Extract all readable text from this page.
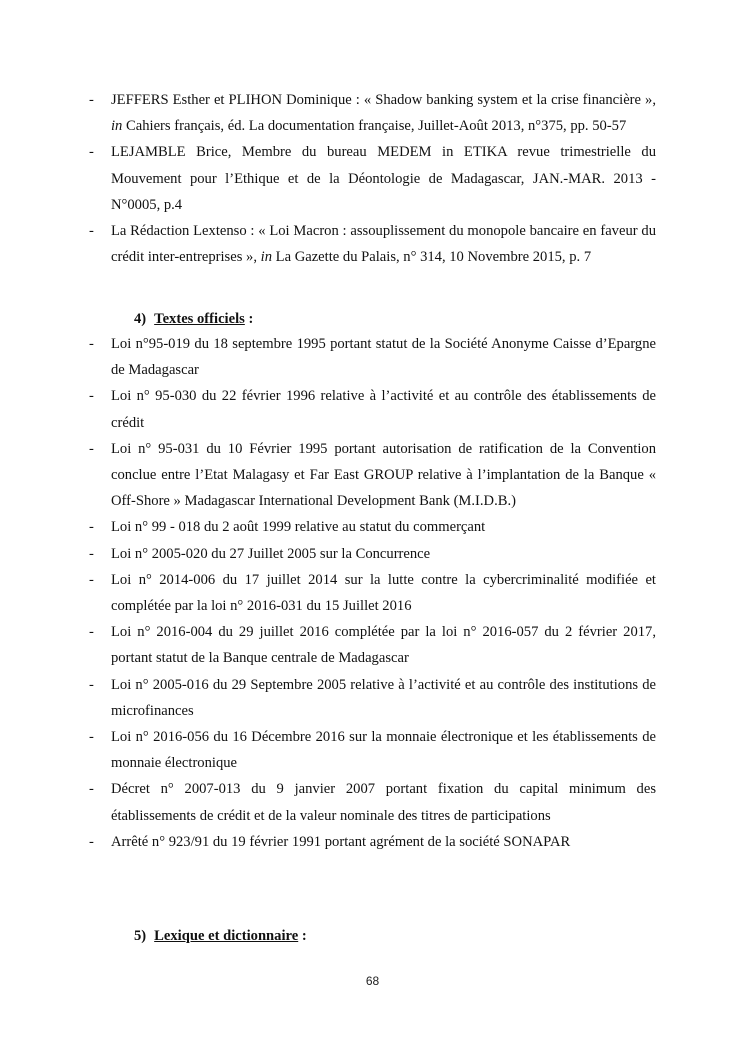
- JEFFERS Esther et PLIHON Dominique : « Shadow banking system et la crise financière », in Cahiers français, éd. La documentation française, Juillet-Août 2013, n°375, pp. 50-57
- LEJAMBLE Brice, Membre du bureau MEDEM in ETIKA revue trimestrielle du Mouvement pour l’Ethique et de la Déontologie de Madagascar, JAN.-MAR. 2013 - N°0005, p.4
- La Rédaction Lextenso : « Loi Macron : assouplissement du monopole bancaire en faveur du crédit inter-entreprises », in La Gazette du Palais, n° 314, 10 Novembre 2015, p. 7
4) Textes officiels :
- Loi n°95-019 du 18 septembre 1995 portant statut de la Société Anonyme Caisse d’Epargne de Madagascar
- Loi n° 95-030 du 22 février 1996 relative à l’activité et au contrôle des établissements de crédit
- Loi n° 95-031 du 10 Février 1995 portant autorisation de ratification de la Convention conclue entre l’Etat Malagasy et Far East GROUP relative à l’implantation de la Banque « Off-Shore » Madagascar International Development Bank (M.I.D.B.)
- Loi n° 99 - 018 du 2 août 1999 relative au statut du commerçant
- Loi n° 2005-020 du 27 Juillet 2005 sur la Concurrence
- Loi n° 2014-006 du 17 juillet 2014 sur la lutte contre la cybercriminalité modifiée et complétée par la loi n° 2016-031 du 15 Juillet 2016
- Loi n° 2016-004 du 29 juillet 2016 complétée par la loi n° 2016-057 du 2 février 2017, portant statut de la Banque centrale de Madagascar
- Loi n° 2005-016 du 29 Septembre 2005 relative à l’activité et au contrôle des institutions de microfinances
- Loi n° 2016-056 du 16 Décembre 2016 sur la monnaie électronique et les établissements de monnaie électronique
- Décret n° 2007-013 du 9 janvier 2007 portant fixation du capital minimum des établissements de crédit et de la valeur nominale des titres de participations
- Arrêté n° 923/91 du 19 février 1991 portant agrément de la société SONAPAR
5) Lexique et dictionnaire :
68
